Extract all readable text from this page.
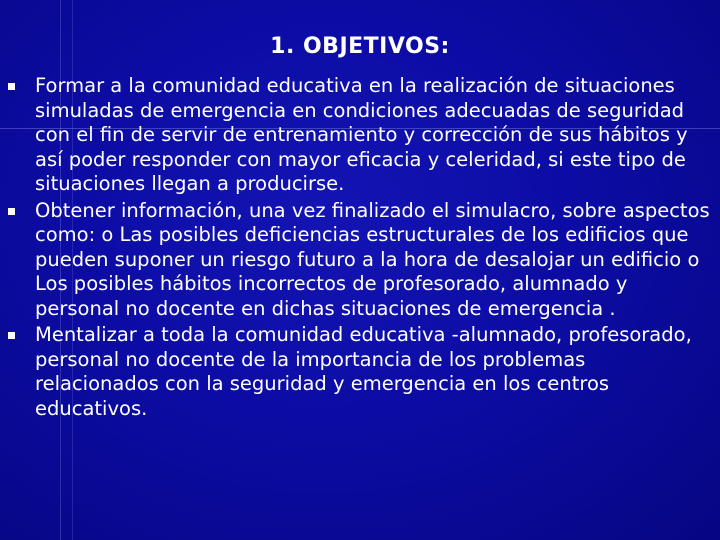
1. OBJETIVOS:
Formar a la comunidad educativa en la realización de situaciones simuladas de emergencia en condiciones adecuadas de seguridad con el fin de servir de entrenamiento y corrección de sus hábitos y así poder responder con mayor eficacia y celeridad, si este tipo de situaciones llegan a producirse.
Obtener información, una vez finalizado el simulacro, sobre aspectos como: o Las posibles deficiencias estructurales de los edificios que pueden suponer un riesgo futuro a la hora de desalojar un edificio o Los posibles hábitos incorrectos de profesorado, alumnado y personal no docente en dichas situaciones de emergencia .
Mentalizar a toda la comunidad educativa -alumnado, profesorado, personal no docente de la importancia de los problemas relacionados con la seguridad y emergencia en los centros educativos.
